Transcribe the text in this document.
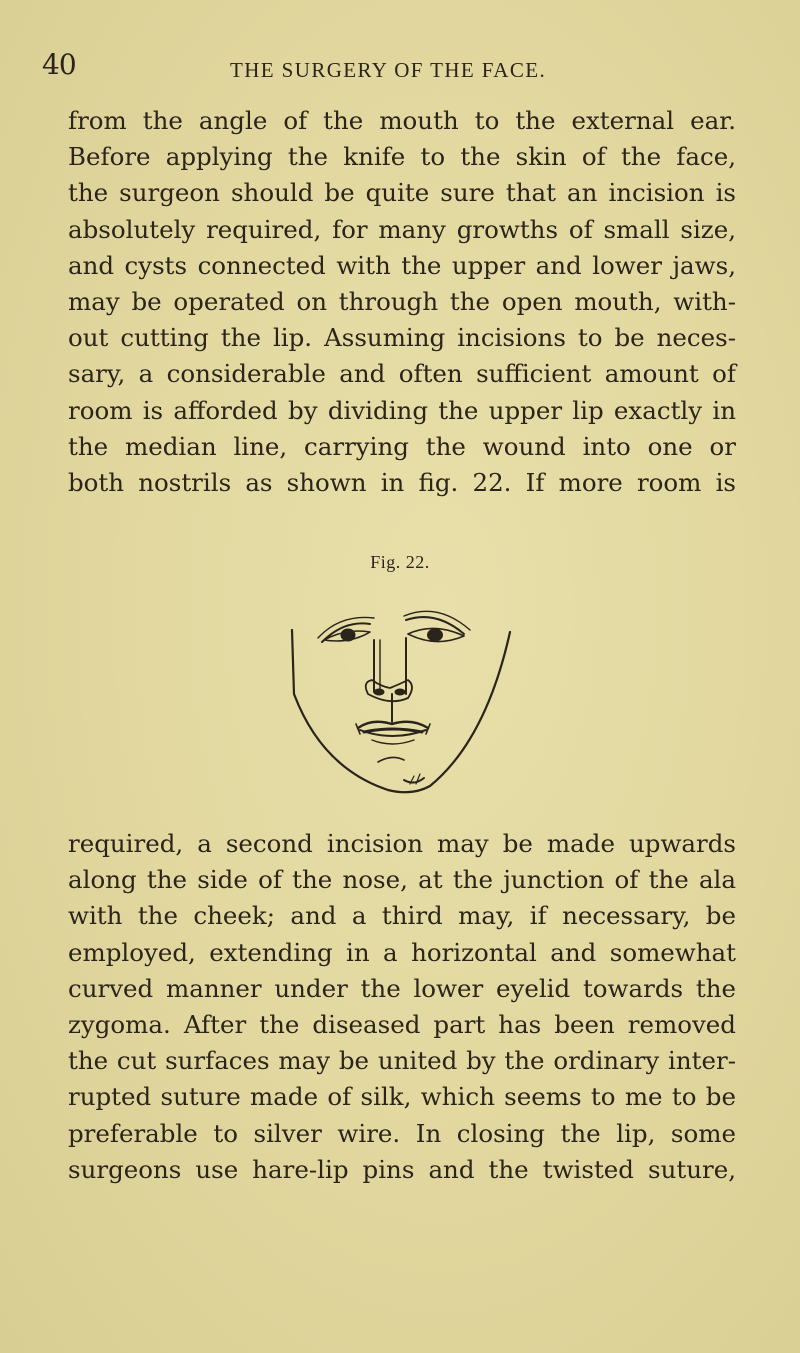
40	THE SURGERY OF THE FACE.
from the angle of the mouth to the external ear.
Before applying the knife to the skin of the face,
the surgeon should be quite sure that an incision is
absolutely required, for many growths of small size,
and cysts connected with the upper and lower jaws,
may be operated on through the open mouth, with-
out cutting the lip. Assuming incisions to be neces-
sary, a considerable and often sufficient amount of
room is afforded by dividing the upper lip exactly in
the median line, carrying the wound into one or
both nostrils as shown in fig. 22. If more room is
Fig. 22.
required, a second incision may be made upwards
along the side of the nose, at the junction of the ala
with the cheek; and a third may, if necessary, be
employed, extending in a horizontal and somewhat
curved manner under the lower eyelid towards the
zygoma. After the diseased part has been removed
the cut surfaces may be united by the ordinary inter-
rupted suture made of silk, which seems to me to be
preferable to silver wire. In closing the lip, some
surgeons use hare-lip pins and the twisted suture,
